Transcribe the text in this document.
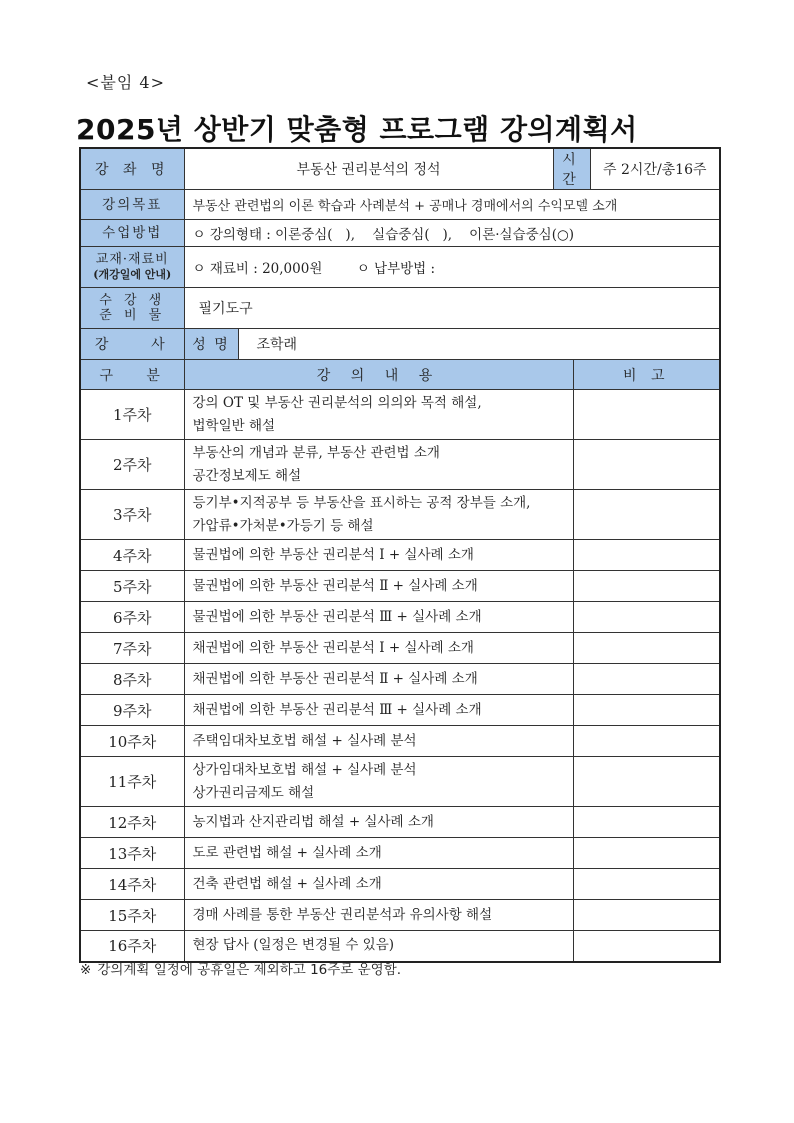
<붙임 4>
2025년 상반기 맞춤형 프로그램 강의계획서
강 좌 명	부동산 권리분석의 정석		시 간		주 2시간/총16주
강의목표	부동산 관련법의 이론 학습과 사례분석 + 공매나 경매에서의 수익모델 소개				
수업방법	ㅇ 강의형태 : 이론중심(   ),    실습중심(   ),    이론·실습중심(○)				

교재·재료비
(개강일에 안내)	ㅇ 재료비 : 20,000원        ㅇ 납부방법 :				

수 강 생
준 비 물	필기도구				
강    사	성 명	조학래			
구   분	강 의 내 용			비 고	
1주차	강의 OT 및 부동산 권리분석의 의의와 목적 해설,
법학일반 해설				

2주차	부동산의 개념과 분류, 부동산 관련법 소개
공간정보제도 해설				

3주차	등기부•지적공부 등 부동산을 표시하는 공적 장부들 소개,
가압류•가처분•가등기 등 해설				

4주차	물권법에 의한 부동산 권리분석 Ⅰ + 실사례 소개				

5주차	물권법에 의한 부동산 권리분석 Ⅱ + 실사례 소개				

6주차	물권법에 의한 부동산 권리분석 Ⅲ + 실사례 소개				

7주차	채권법에 의한 부동산 권리분석 Ⅰ + 실사례 소개				

8주차	채권법에 의한 부동산 권리분석 Ⅱ + 실사례 소개				

9주차	채권법에 의한 부동산 권리분석 Ⅲ + 실사례 소개				

10주차	주택임대차보호법 해설 + 실사례 분석				

11주차	상가임대차보호법 해설 + 실사례 분석
상가권리금제도 해설				

12주차	농지법과 산지관리법 해설 + 실사례 소개				

13주차	도로 관련법 해설 + 실사례 소개				

14주차	건축 관련법 해설 + 실사례 소개				

15주차	경매 사례를 통한 부동산 권리분석과 유의사항 해설				

16주차	현장 답사 (일정은 변경될 수 있음)				

※ 강의계획 일정에 공휴일은 제외하고 16주로 운영함.
